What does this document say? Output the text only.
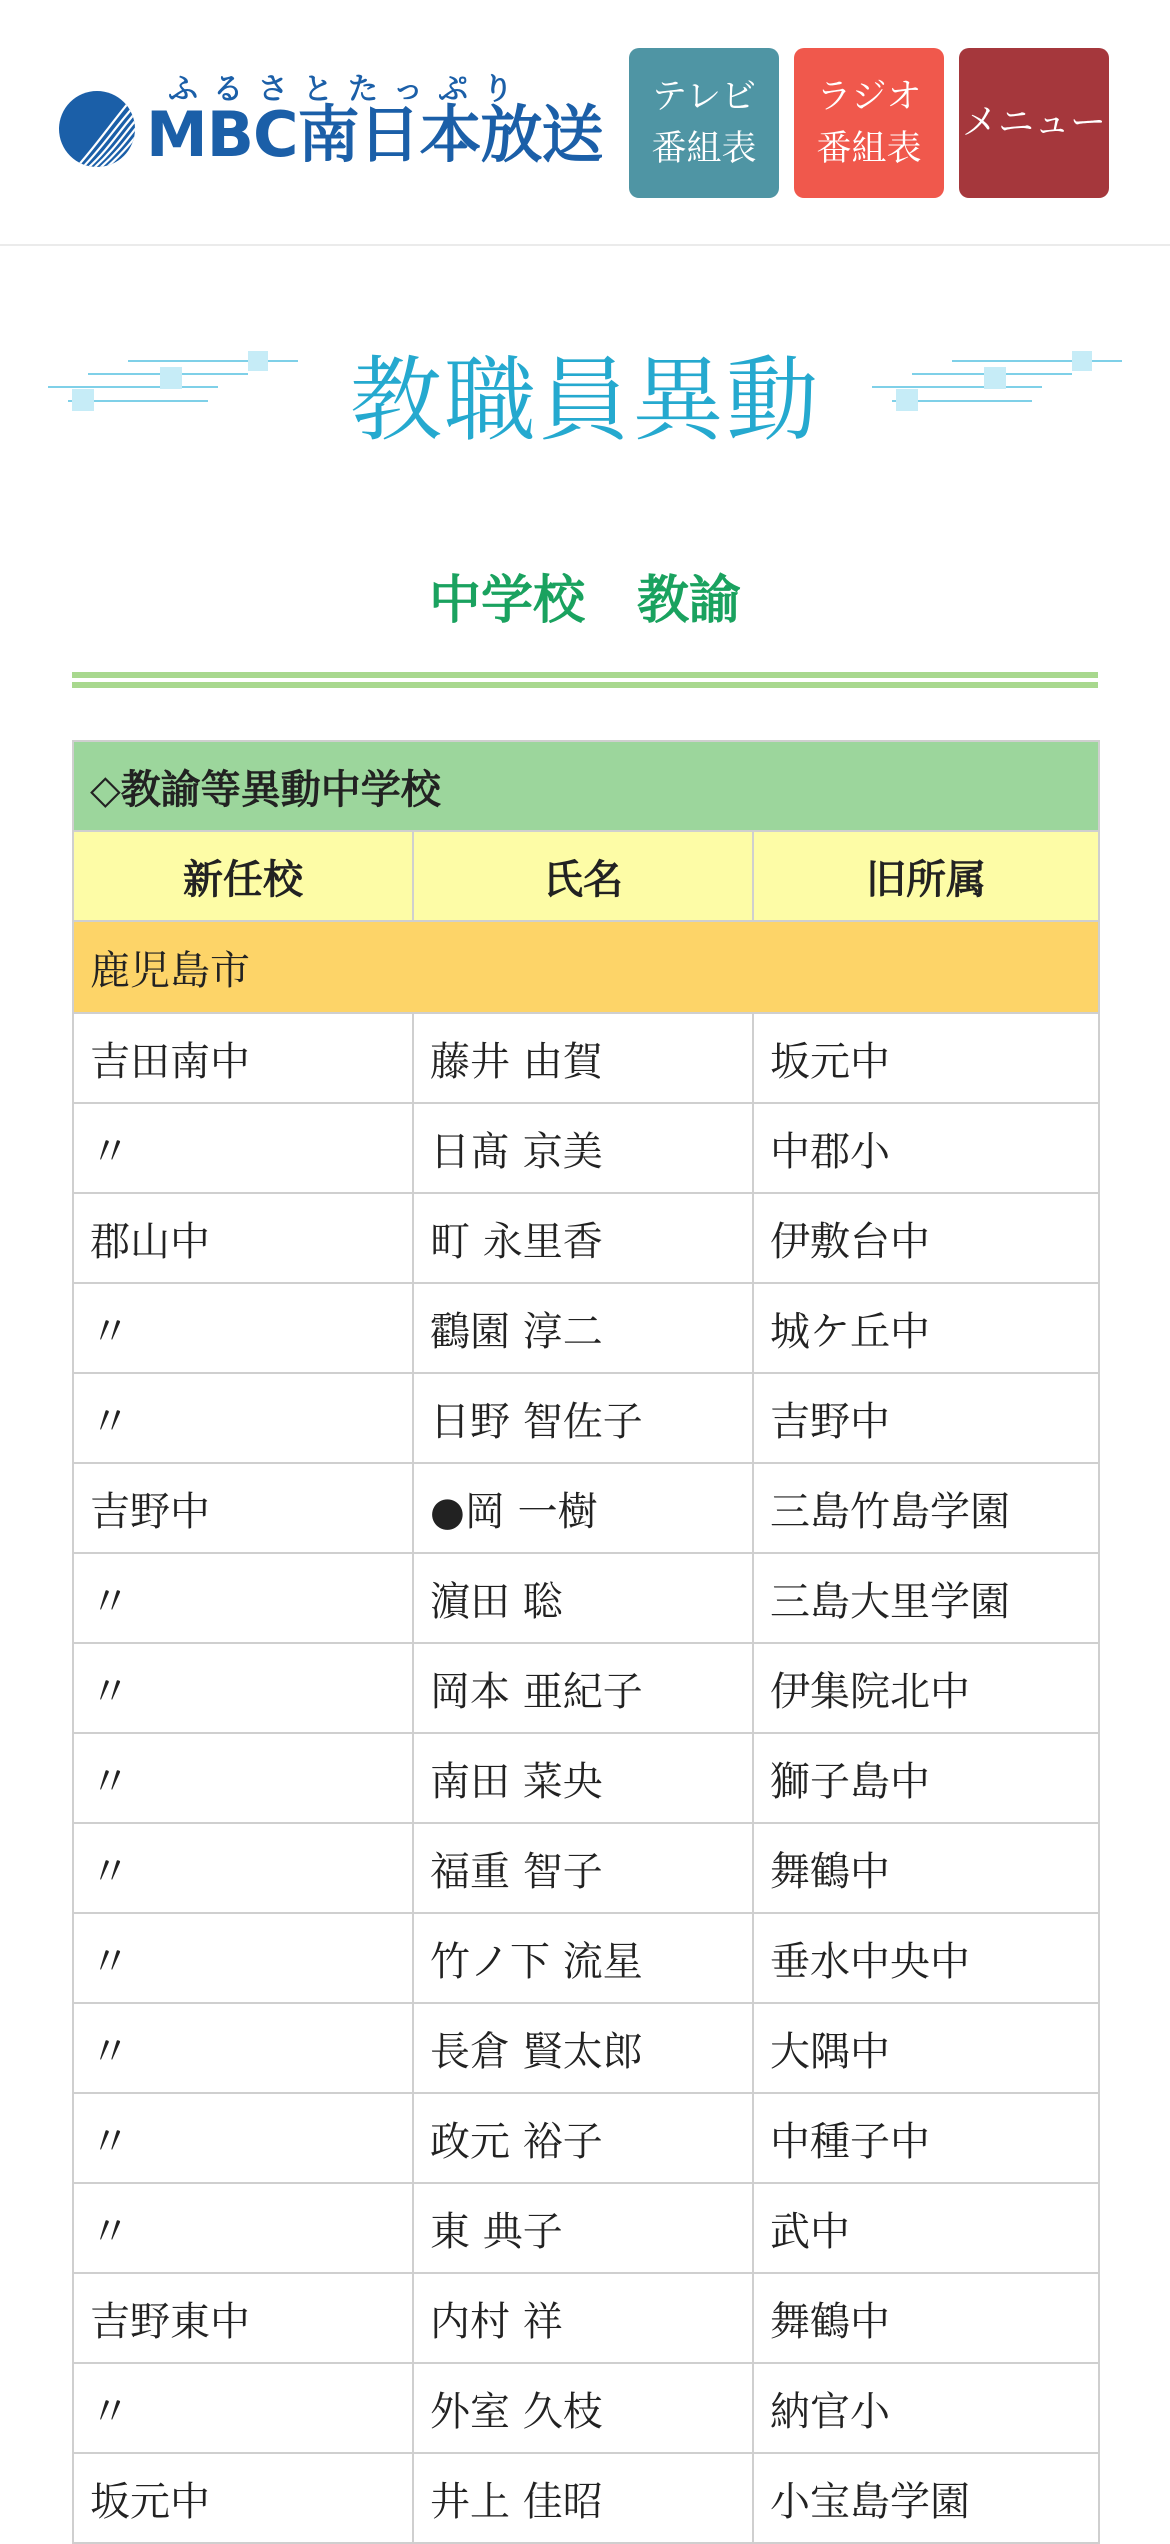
ふるさとたっぷり
MBC南日本放送
テレビ
番組表
ラジオ
番組表
メニュー
教職員異動
中学校　教諭
◇教諭等異動中学校		
新任校	氏名	旧所属
鹿児島市		
吉田南中	藤井 由賀	坂元中
〃	日髙 京美	中郡小
郡山中	町 永里香	伊敷台中
〃	鸖園 淳二	城ケ丘中
〃	日野 智佐子	吉野中
吉野中	●岡 一樹	三島竹島学園
〃	濵田 聡	三島大里学園
〃	岡本 亜紀子	伊集院北中
〃	南田 菜央	獅子島中
〃	福重 智子	舞鶴中
〃	竹ノ下 流星	垂水中央中
〃	長倉 賢太郎	大隅中
〃	政元 裕子	中種子中
〃	東 典子	武中
吉野東中	内村 祥	舞鶴中
〃	外室 久枝	納官小
坂元中	井上 佳昭	小宝島学園
